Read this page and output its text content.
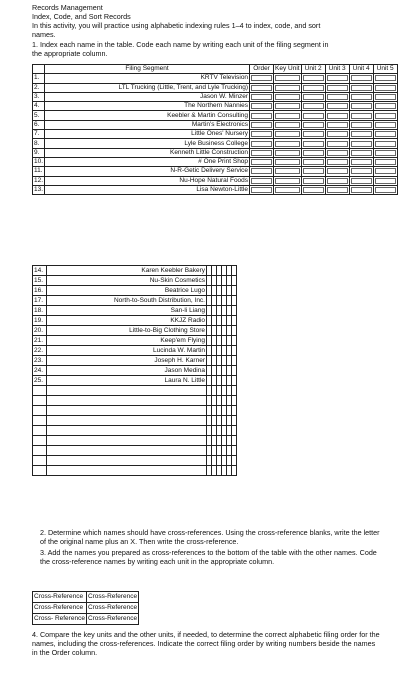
Records Management
Index, Code, and Sort Records
In this activity, you will practice using alphabetic indexing rules 1–4 to index, code, and sort
names.
1. Index each name in the table. Code each name by writing each unit of the filing segment in
the appropriate column.
	Filing Segment	Order	Key Unit	Unit 2	Unit 3	Unit 4	Unit 5
1.	KRTV Television	

2.	LTL Trucking (Little, Trent, and Lyle Trucking)	

3.	Jason W. Minzer	

4.	The Northern Nannies	

5.	Keebler & Martin Consulting	

6.	Martin's Electronics	

7.	Little Ones' Nursery	

8.	Lyle Business College	

9.	Kenneth Little Construction	

10.	# One Print Shop	

11.	N-R-Getic Delivery Service	

12.	Nu-Hope Natural Foods	

13.	Lisa Newton-Little	

14.	Karen Keebler Bakery						
15.	Nu-Skin Cosmetics						
16.	Beatrice Lugo						
17.	North-to-South Distribution, Inc.						
18.	San-li Liang						
19.	KKJZ Radio						
20.	Little-to-Big Clothing Store						
21.	Keep'em Flying						
22.	Lucinda W. Martin						
23.	Joseph H. Karner						
24.	Jason Medina						
25.	Laura N. Little						

2. Determine which names should have cross-references. Using the cross-reference blanks, write the letter of the original name plus an X. Then write the cross-reference.
3. Add the names you prepared as cross-references to the bottom of the table with the other names. Code the cross-reference names by writing each unit in the appropriate column.
Cross-Reference	Cross-Reference
Cross-Reference	Cross-Reference
Cross- Reference	Cross-Reference
4. Compare the key units and the other units, if needed, to determine the correct alphabetic filing order for the names, including the cross-references. Indicate the correct filing order by writing numbers beside the names in the Order column.
